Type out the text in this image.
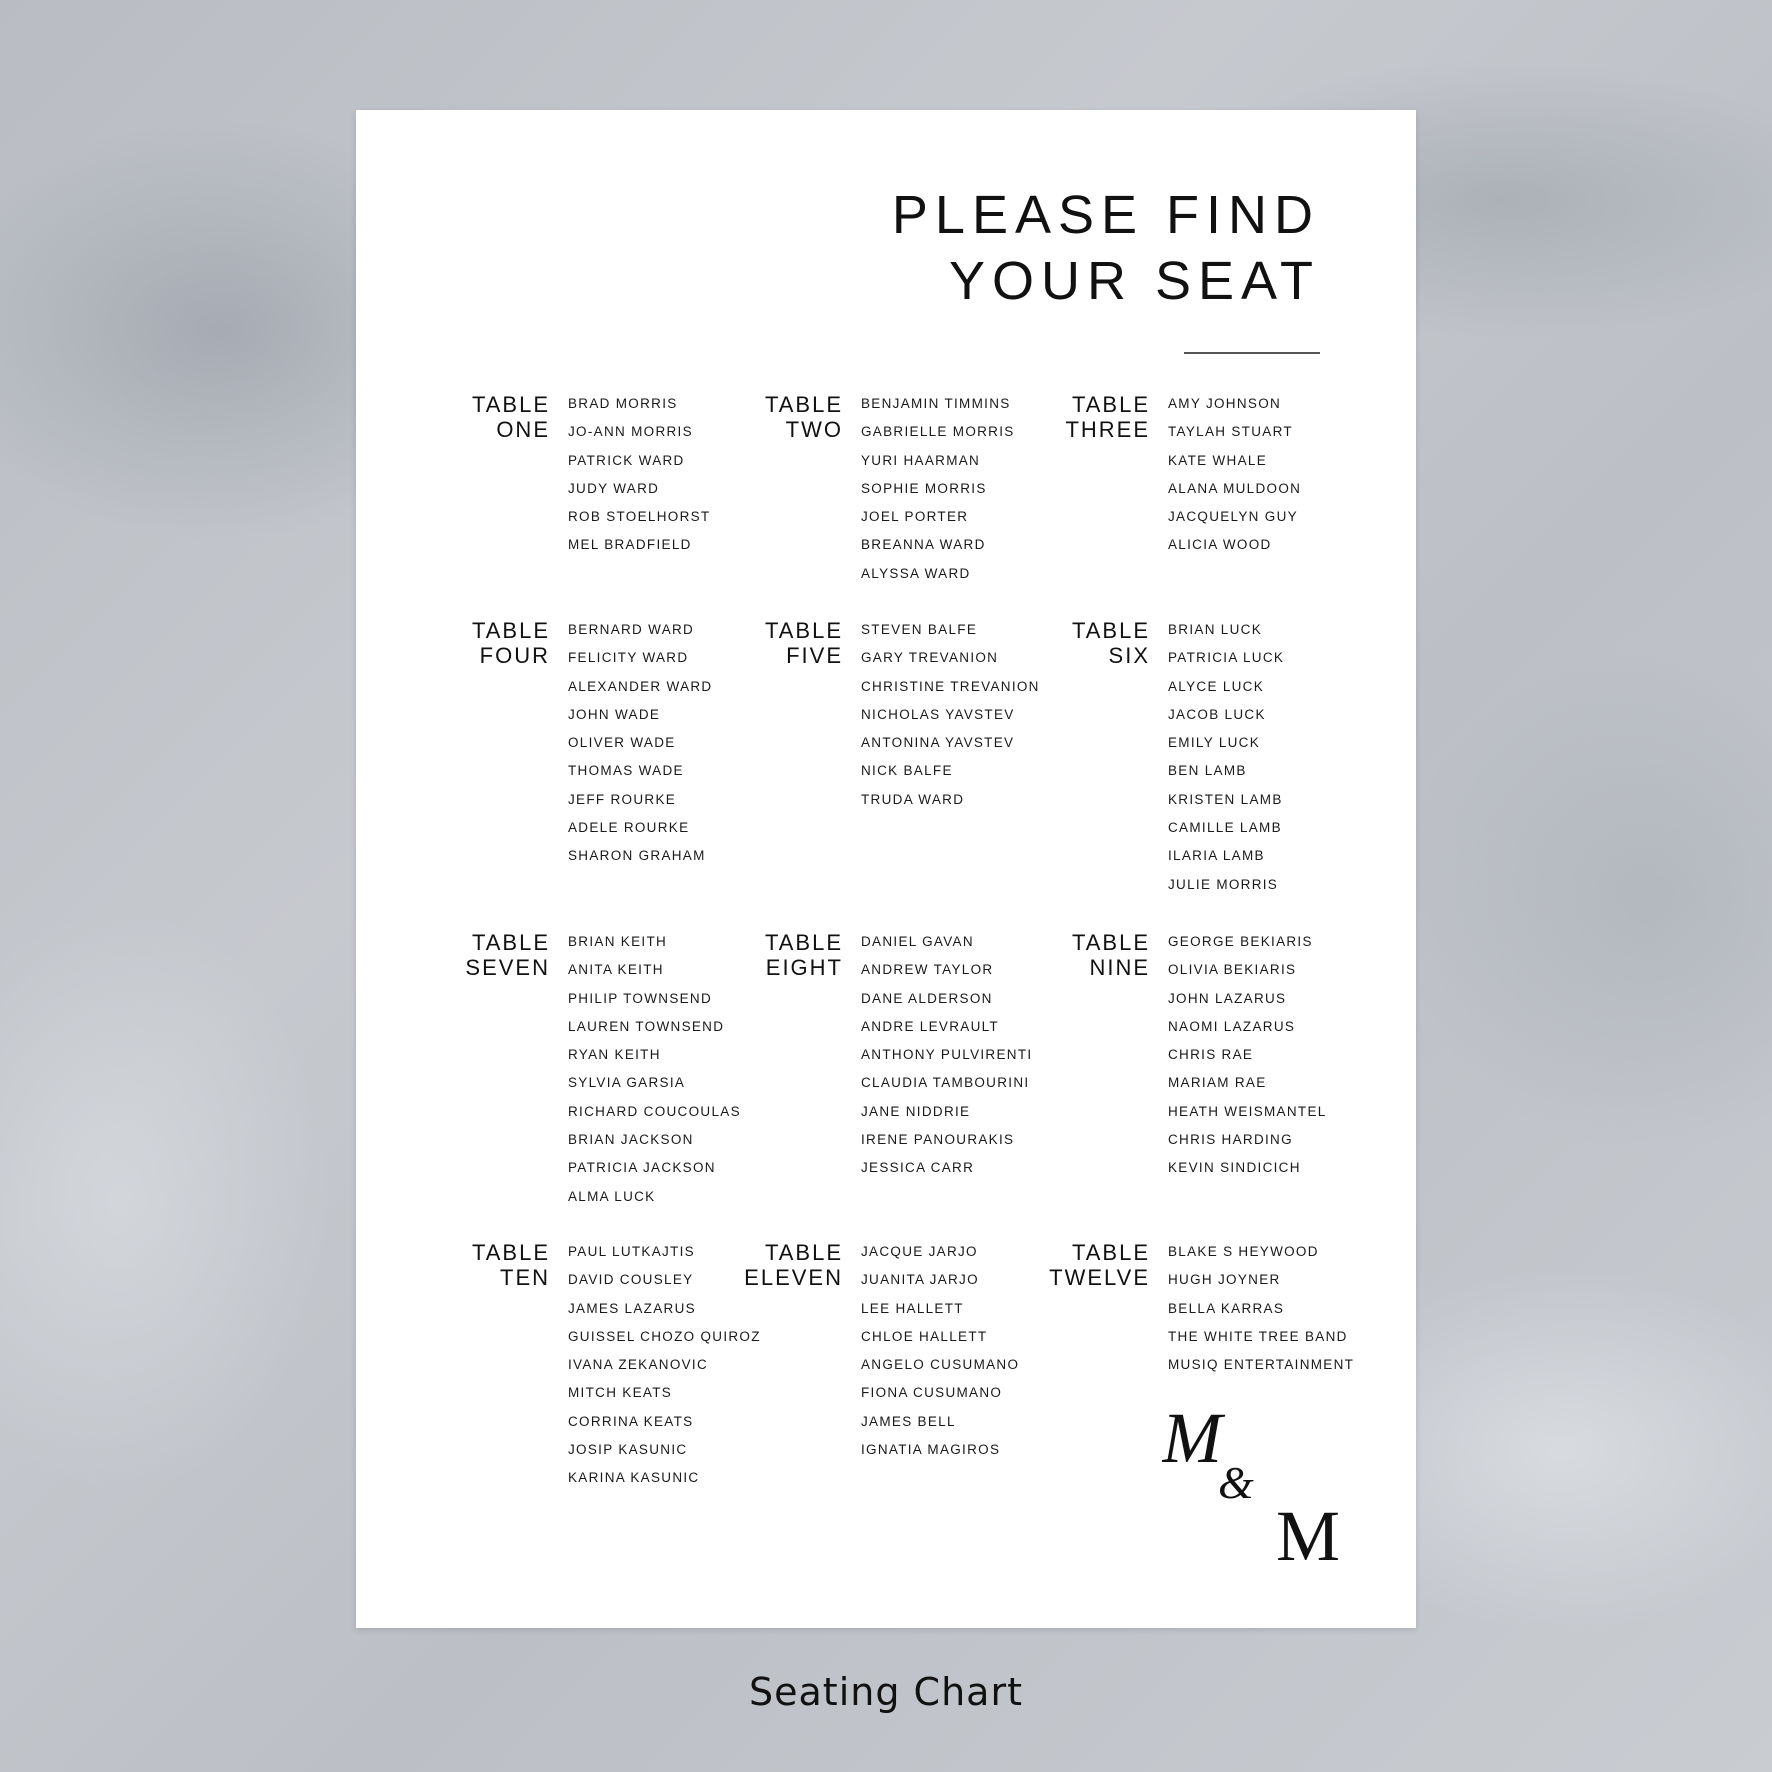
PLEASE FIND
YOUR SEAT
TABLE
ONE
BRAD MORRIS
JO-ANN MORRIS
PATRICK WARD
JUDY WARD
ROB STOELHORST
MEL BRADFIELD
TABLE
TWO
BENJAMIN TIMMINS
GABRIELLE MORRIS
YURI HAARMAN
SOPHIE MORRIS
JOEL PORTER
BREANNA WARD
ALYSSA WARD
TABLE
THREE
AMY JOHNSON
TAYLAH STUART
KATE WHALE
ALANA MULDOON
JACQUELYN GUY
ALICIA WOOD
TABLE
FOUR
BERNARD WARD
FELICITY WARD
ALEXANDER WARD
JOHN WADE
OLIVER WADE
THOMAS WADE
JEFF ROURKE
ADELE ROURKE
SHARON GRAHAM
TABLE
FIVE
STEVEN BALFE
GARY TREVANION
CHRISTINE TREVANION
NICHOLAS YAVSTEV
ANTONINA YAVSTEV
NICK BALFE
TRUDA WARD
TABLE
SIX
BRIAN LUCK
PATRICIA LUCK
ALYCE LUCK
JACOB LUCK
EMILY LUCK
BEN LAMB
KRISTEN LAMB
CAMILLE LAMB
ILARIA LAMB
JULIE MORRIS
TABLE
SEVEN
BRIAN KEITH
ANITA KEITH
PHILIP TOWNSEND
LAUREN TOWNSEND
RYAN KEITH
SYLVIA GARSIA
RICHARD COUCOULAS
BRIAN JACKSON
PATRICIA JACKSON
ALMA LUCK
TABLE
EIGHT
DANIEL GAVAN
ANDREW TAYLOR
DANE ALDERSON
ANDRE LEVRAULT
ANTHONY PULVIRENTI
CLAUDIA TAMBOURINI
JANE NIDDRIE
IRENE PANOURAKIS
JESSICA CARR
TABLE
NINE
GEORGE BEKIARIS
OLIVIA BEKIARIS
JOHN LAZARUS
NAOMI LAZARUS
CHRIS RAE
MARIAM RAE
HEATH WEISMANTEL
CHRIS HARDING
KEVIN SINDICICH
TABLE
TEN
PAUL LUTKAJTIS
DAVID COUSLEY
JAMES LAZARUS
GUISSEL CHOZO QUIROZ
IVANA ZEKANOVIC
MITCH KEATS
CORRINA KEATS
JOSIP KASUNIC
KARINA KASUNIC
TABLE
ELEVEN
JACQUE JARJO
JUANITA JARJO
LEE HALLETT
CHLOE HALLETT
ANGELO CUSUMANO
FIONA CUSUMANO
JAMES BELL
IGNATIA MAGIROS
TABLE
TWELVE
BLAKE S HEYWOOD
HUGH JOYNER
BELLA KARRAS
THE WHITE TREE BAND
MUSIQ ENTERTAINMENT
M
&
M
Seating Chart
